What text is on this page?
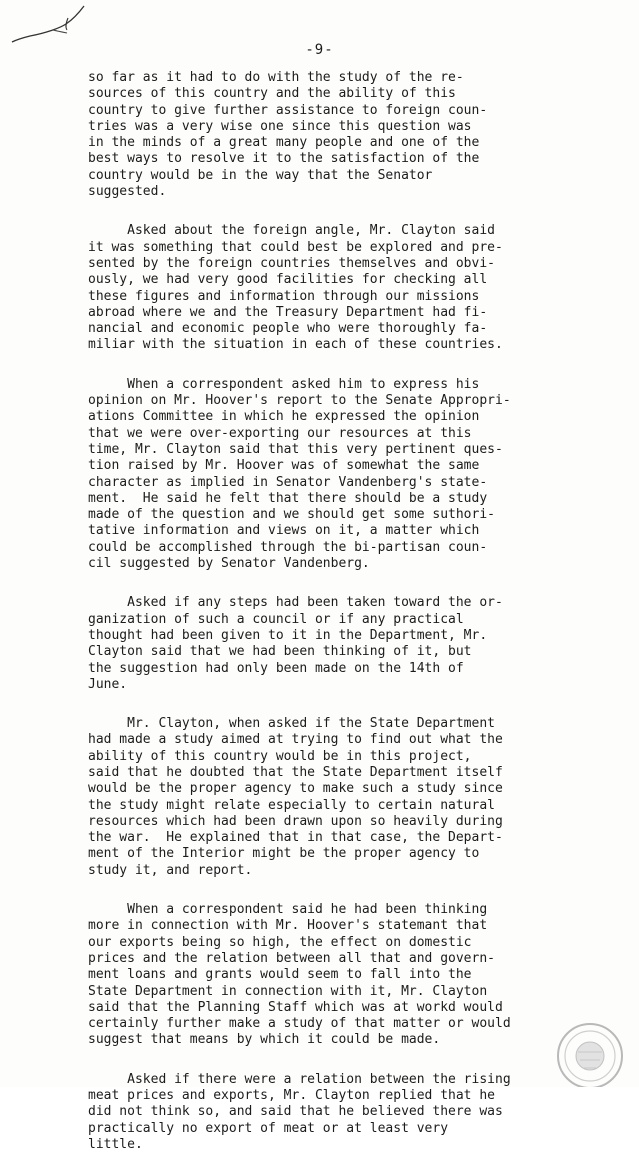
-9-

so far as it had to do with the study of the re-
sources of this country and the ability of this
country to give further assistance to foreign coun-
tries was a very wise one since this question was
in the minds of a great many people and one of the
best ways to resolve it to the satisfaction of the
country would be in the way that the Senator
suggested.

Asked about the foreign angle, Mr. Clayton said
it was something that could best be explored and pre-
sented by the foreign countries themselves and obvi-
ously, we had very good facilities for checking all
these figures and information through our missions
abroad where we and the Treasury Department had fi-
nancial and economic people who were thoroughly fa-
miliar with the situation in each of these countries.

When a correspondent asked him to express his
opinion on Mr. Hoover's report to the Senate Appropri-
ations Committee in which he expressed the opinion
that we were over-exporting our resources at this
time, Mr. Clayton said that this very pertinent ques-
tion raised by Mr. Hoover was of somewhat the same
character as implied in Senator Vandenberg's state-
ment.  He said he felt that there should be a study
made of the question and we should get some suthori-
tative information and views on it, a matter which
could be accomplished through the bi-partisan coun-
cil suggested by Senator Vandenberg.

Asked if any steps had been taken toward the or-
ganization of such a council or if any practical
thought had been given to it in the Department, Mr.
Clayton said that we had been thinking of it, but
the suggestion had only been made on the 14th of
June.

Mr. Clayton, when asked if the State Department
had made a study aimed at trying to find out what the
ability of this country would be in this project,
said that he doubted that the State Department itself
would be the proper agency to make such a study since
the study might relate especially to certain natural
resources which had been drawn upon so heavily during
the war.  He explained that in that case, the Depart-
ment of the Interior might be the proper agency to
study it, and report.

When a correspondent said he had been thinking
more in connection with Mr. Hoover's statemant that
our exports being so high, the effect on domestic
prices and the relation between all that and govern-
ment loans and grants would seem to fall into the
State Department in connection with it, Mr. Clayton
said that the Planning Staff which was at workd would
certainly further make a study of that matter or would
suggest that means by which it could be made.

Asked if there were a relation between the rising
meat prices and exports, Mr. Clayton replied that he
did not think so, and said that he believed there was
practically no export of meat or at least very
little.
